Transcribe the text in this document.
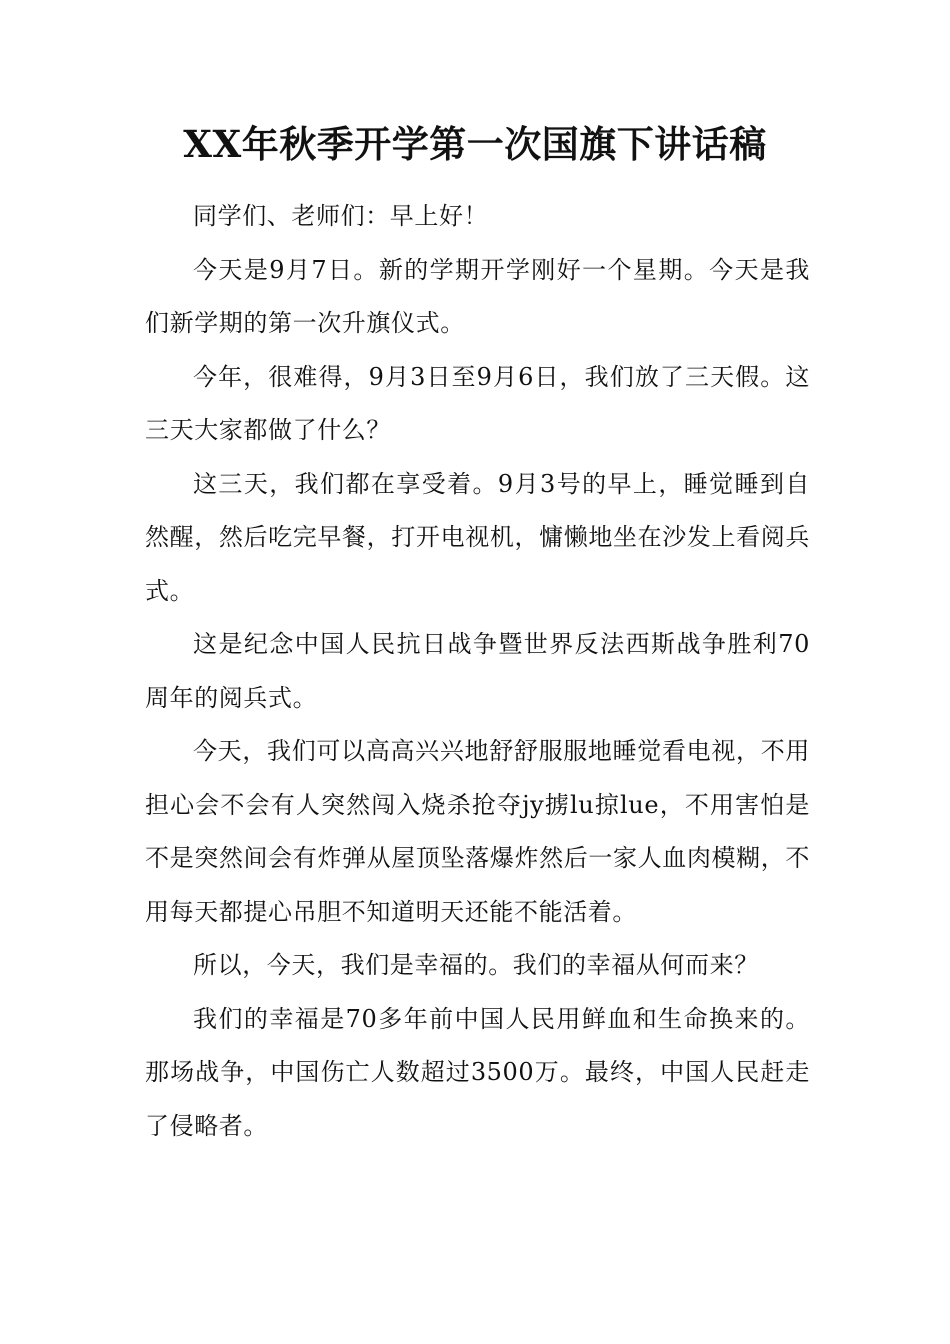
XX年秋季开学第一次国旗下讲话稿

同学们、老师们：早上好！

今天是9月7日。新的学期开学刚好一个星期。今天是我们新学期的第一次升旗仪式。

今年，很难得，9月3日至9月6日，我们放了三天假。这三天大家都做了什么？

这三天，我们都在享受着。9月3号的早上，睡觉睡到自然醒，然后吃完早餐，打开电视机，慵懒地坐在沙发上看阅兵式。

这是纪念中国人民抗日战争暨世界反法西斯战争胜利70周年的阅兵式。

今天，我们可以高高兴兴地舒舒服服地睡觉看电视，不用担心会不会有人突然闯入烧杀抢夺jy掳lu掠lue，不用害怕是不是突然间会有炸弹从屋顶坠落爆炸然后一家人血肉模糊，不用每天都提心吊胆不知道明天还能不能活着。

所以，今天，我们是幸福的。我们的幸福从何而来？

我们的幸福是70多年前中国人民用鲜血和生命换来的。那场战争，中国伤亡人数超过3500万。最终，中国人民赶走了侵略者。
